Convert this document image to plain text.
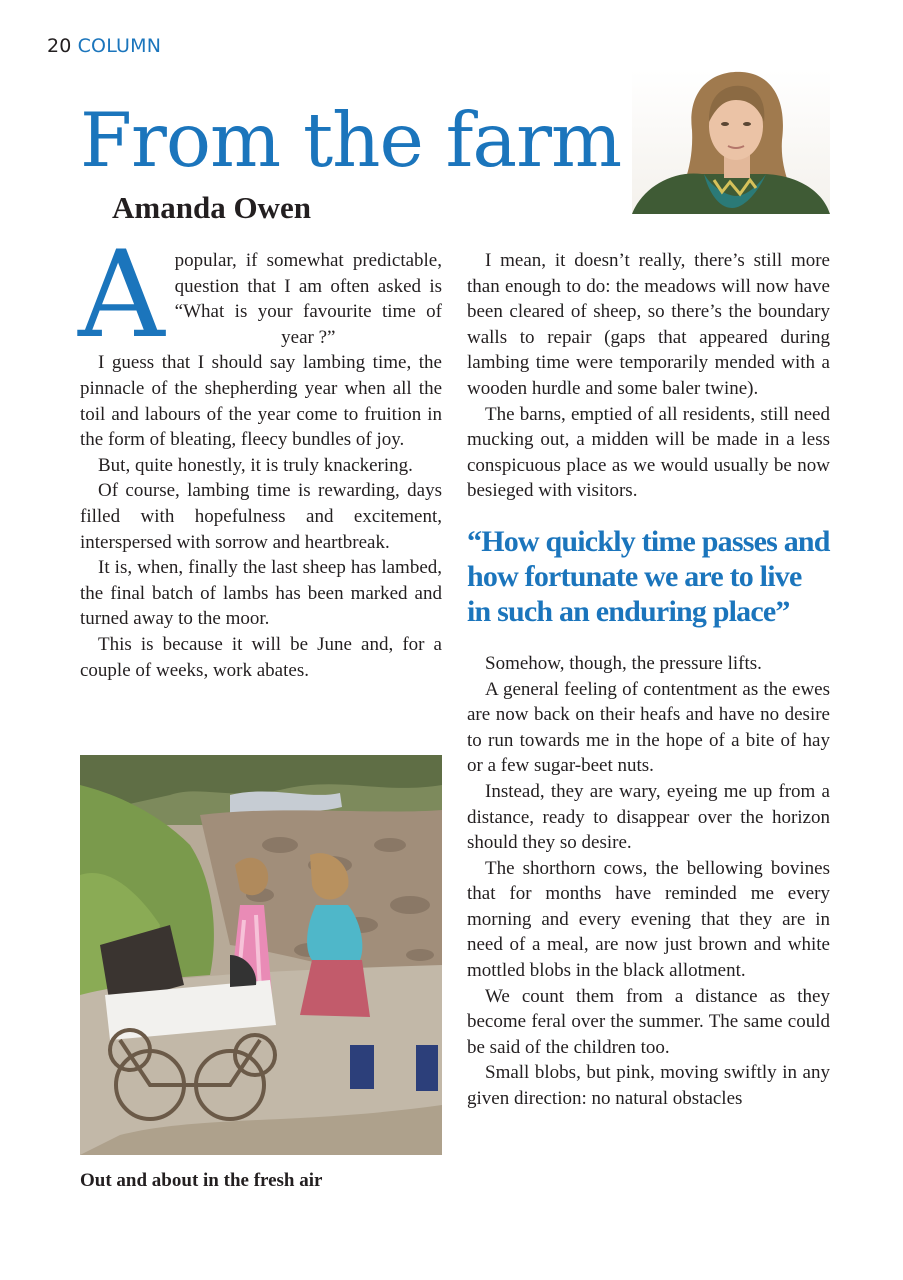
20 COLUMN
From the farm
Amanda Owen

Apopular, if somewhat predictable, question that I am often asked is “What is your favourite time of year ?”

I guess that I should say lambing time, the pinnacle of the shepherding year when all the toil and labours of the year come to fruition in the form of bleating, fleecy bundles of joy.

But, quite honestly, it is truly knackering.

Of course, lambing time is rewarding, days filled with hopefulness and excitement, interspersed with sorrow and heartbreak.

It is, when, finally the last sheep has lambed, the final batch of lambs has been marked and turned away to the moor.

This is because it will be June and, for a couple of weeks, work abates.

Out and about in the fresh air

I mean, it doesn’t really, there’s still more than enough to do: the meadows will now have been cleared of sheep, so there’s the boundary walls to repair (gaps that appeared during lambing time were temporarily mended with a wooden hurdle and some baler twine).

The barns, emptied of all residents, still need mucking out, a midden will be made in a less conspicuous place as we would usually be now besieged with visitors.

“How quickly time passes and how fortunate we are to live in such an enduring place”

Somehow, though, the pressure lifts.

A general feeling of contentment as the ewes are now back on their heafs and have no desire to run towards me in the hope of a bite of hay or a few sugar-beet nuts.

Instead, they are wary, eyeing me up from a distance, ready to disappear over the horizon should they so desire.

The shorthorn cows, the bellowing bovines that for months have reminded me every morning and every evening that they are in need of a meal, are now just brown and white mottled blobs in the black allotment.

We count them from a distance as they become feral over the summer. The same could be said of the children too.

Small blobs, but pink, moving swiftly in any given direction: no natural obstacles
